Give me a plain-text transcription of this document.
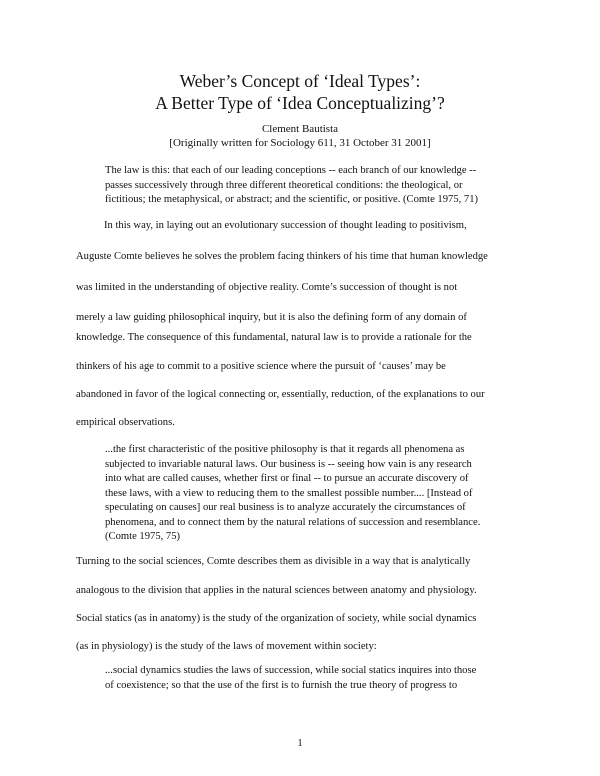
Weber’s Concept of ‘Ideal Types’:
A Better Type of ‘Idea Conceptualizing’?
Clement Bautista
[Originally written for Sociology 611, 31 October 31 2001]
The law is this: that each of our leading conceptions -- each branch of our knowledge --
passes successively through three different theoretical conditions: the theological, or
fictitious; the metaphysical, or abstract; and the scientific, or positive. (Comte 1975, 71)
In this way, in laying out an evolutionary succession of thought leading to positivism,
Auguste Comte believes he solves the problem facing thinkers of his time that human knowledge
was limited in the understanding of objective reality. Comte’s succession of thought is not
merely a law guiding philosophical inquiry, but it is also the defining form of any domain of
knowledge. The consequence of this fundamental, natural law is to provide a rationale for the
thinkers of his age to commit to a positive science where the pursuit of ‘causes’ may be
abandoned in favor of the logical connecting or, essentially, reduction, of the explanations to our
empirical observations.
...the first characteristic of the positive philosophy is that it regards all phenomena as
subjected to invariable natural laws. Our business is -- seeing how vain is any research
into what are called causes, whether first or final -- to pursue an accurate discovery of
these laws, with a view to reducing them to the smallest possible number.... [Instead of
speculating on causes] our real business is to analyze accurately the circumstances of
phenomena, and to connect them by the natural relations of succession and resemblance.
(Comte 1975, 75)
Turning to the social sciences, Comte describes them as divisible in a way that is analytically
analogous to the division that applies in the natural sciences between anatomy and physiology.
Social statics (as in anatomy) is the study of the organization of society, while social dynamics
(as in physiology) is the study of the laws of movement within society:
...social dynamics studies the laws of succession, while social statics inquires into those
of coexistence; so that the use of the first is to furnish the true theory of progress to
1
